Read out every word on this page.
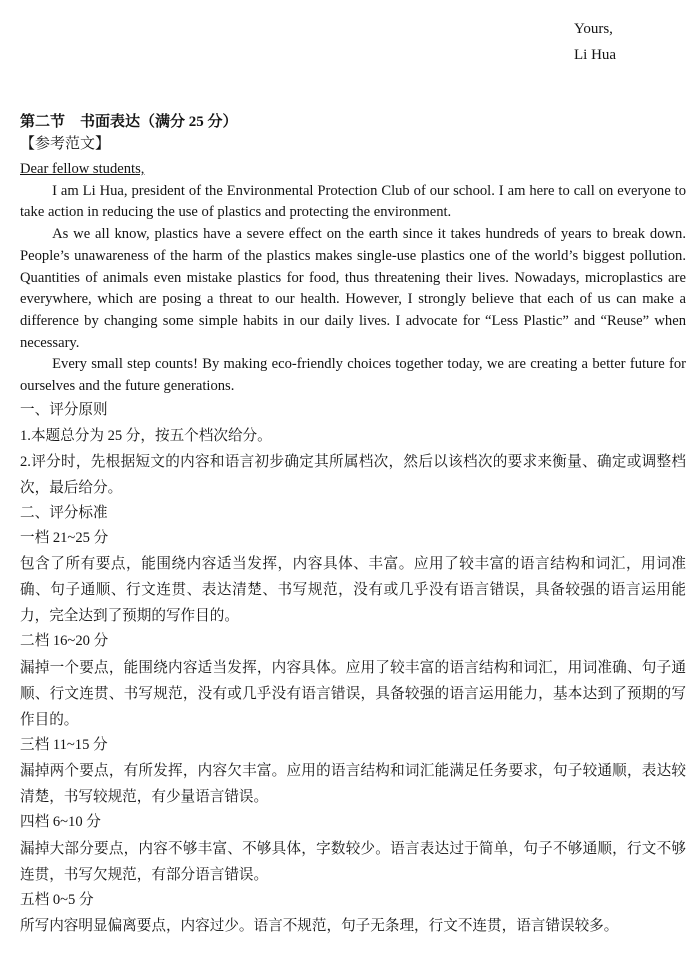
Yours,
Li Hua
第二节　书面表达（满分 25 分）
【参考范文】
Dear fellow students,

I am Li Hua, president of the Environmental Protection Club of our school. I am here to call on everyone to take action in reducing the use of plastics and protecting the environment.

As we all know, plastics have a severe effect on the earth since it takes hundreds of years to break down. People’s unawareness of the harm of the plastics makes single-use plastics one of the world’s biggest pollution. Quantities of animals even mistake plastics for food, thus threatening their lives. Nowadays, microplastics are everywhere, which are posing a threat to our health. However, I strongly believe that each of us can make a difference by changing some simple habits in our daily lives. I advocate for “Less Plastic” and “Reuse” when necessary.

Every small step counts! By making eco-friendly choices together today, we are creating a better future for ourselves and the future generations.

一、评分原则

1.本题总分为 25 分，按五个档次给分。

2.评分时，先根据短文的内容和语言初步确定其所属档次，然后以该档次的要求来衡量、确定或调整档次，最后给分。

二、评分标准
一档 21~25 分

包含了所有要点，能围绕内容适当发挥，内容具体、丰富。应用了较丰富的语言结构和词汇，用词准确、句子通顺、行文连贯、表达清楚、书写规范，没有或几乎没有语言错误，具备较强的语言运用能力，完全达到了预期的写作目的。

二档 16~20 分

漏掉一个要点，能围绕内容适当发挥，内容具体。应用了较丰富的语言结构和词汇，用词准确、句子通顺、行文连贯、书写规范，没有或几乎没有语言错误，具备较强的语言运用能力，基本达到了预期的写作目的。

三档 11~15 分

漏掉两个要点，有所发挥，内容欠丰富。应用的语言结构和词汇能满足任务要求，句子较通顺，表达较清楚，书写较规范，有少量语言错误。

四档 6~10 分

漏掉大部分要点，内容不够丰富、不够具体，字数较少。语言表达过于简单，句子不够通顺，行文不够连贯，书写欠规范，有部分语言错误。

五档 0~5 分

所写内容明显偏离要点，内容过少。语言不规范，句子无条理，行文不连贯，语言错误较多。
